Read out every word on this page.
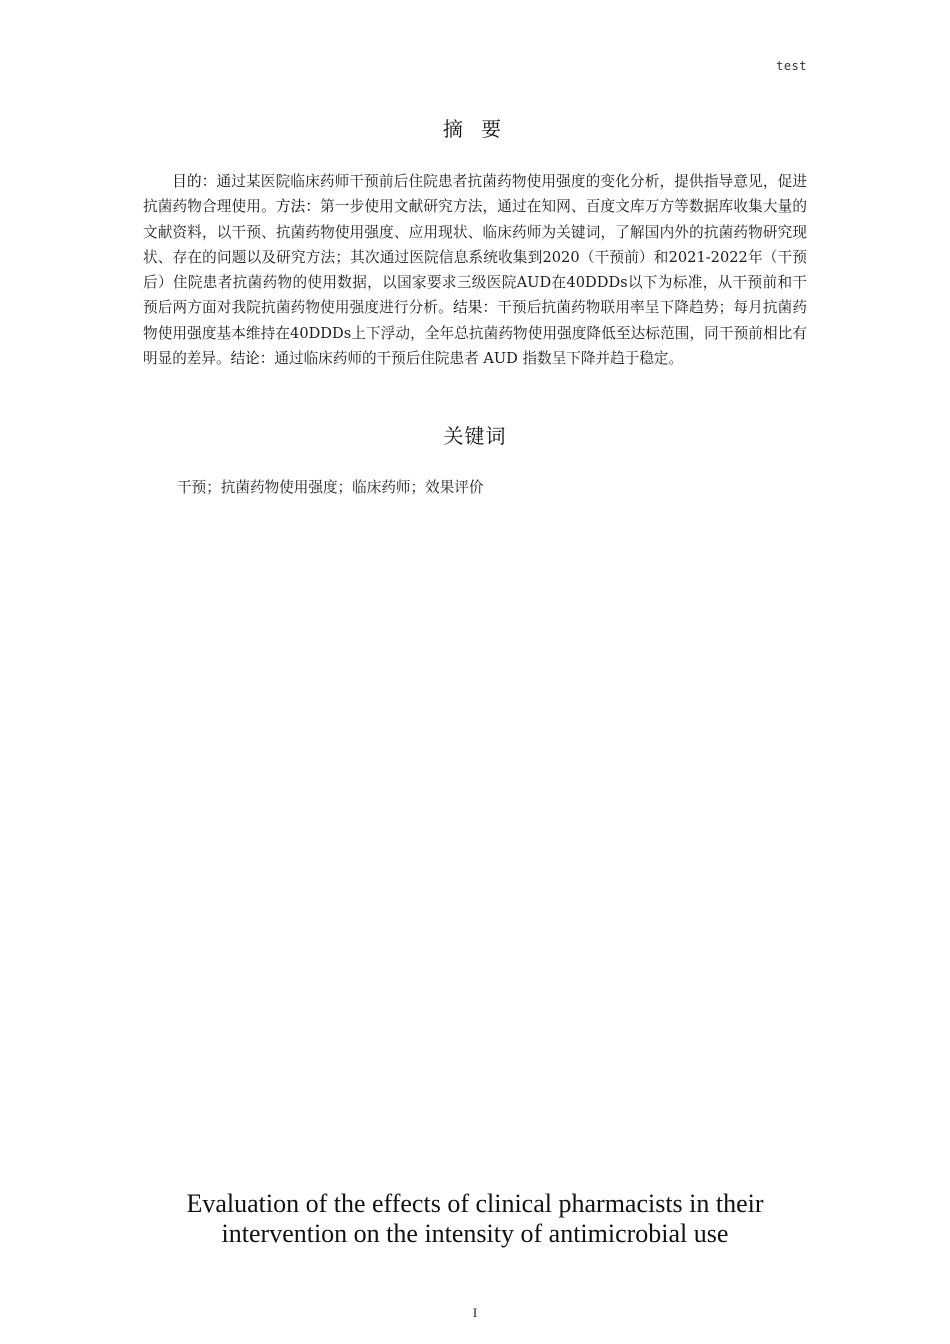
test
摘 要
目的：通过某医院临床药师干预前后住院患者抗菌药物使用强度的变化分析，提供指导意见，促进抗菌药物合理使用。方法：第一步使用文献研究方法，通过在知网、百度文库万方等数据库收集大量的文献资料，以干预、抗菌药物使用强度、应用现状、临床药师为关键词，了解国内外的抗菌药物研究现状、存在的问题以及研究方法；其次通过医院信息系统收集到2020（干预前）和2021-2022年（干预后）住院患者抗菌药物的使用数据，以国家要求三级医院AUD在40DDDs以下为标准，从干预前和干预后两方面对我院抗菌药物使用强度进行分析。结果：干预后抗菌药物联用率呈下降趋势；每月抗菌药物使用强度基本维持在40DDDs上下浮动，全年总抗菌药物使用强度降低至达标范围，同干预前相比有明显的差异。结论：通过临床药师的干预后住院患者 AUD 指数呈下降并趋于稳定。
关键词
干预；抗菌药物使用强度；临床药师；效果评价
Evaluation of the effects of clinical pharmacists in their
intervention on the intensity of antimicrobial use
I
